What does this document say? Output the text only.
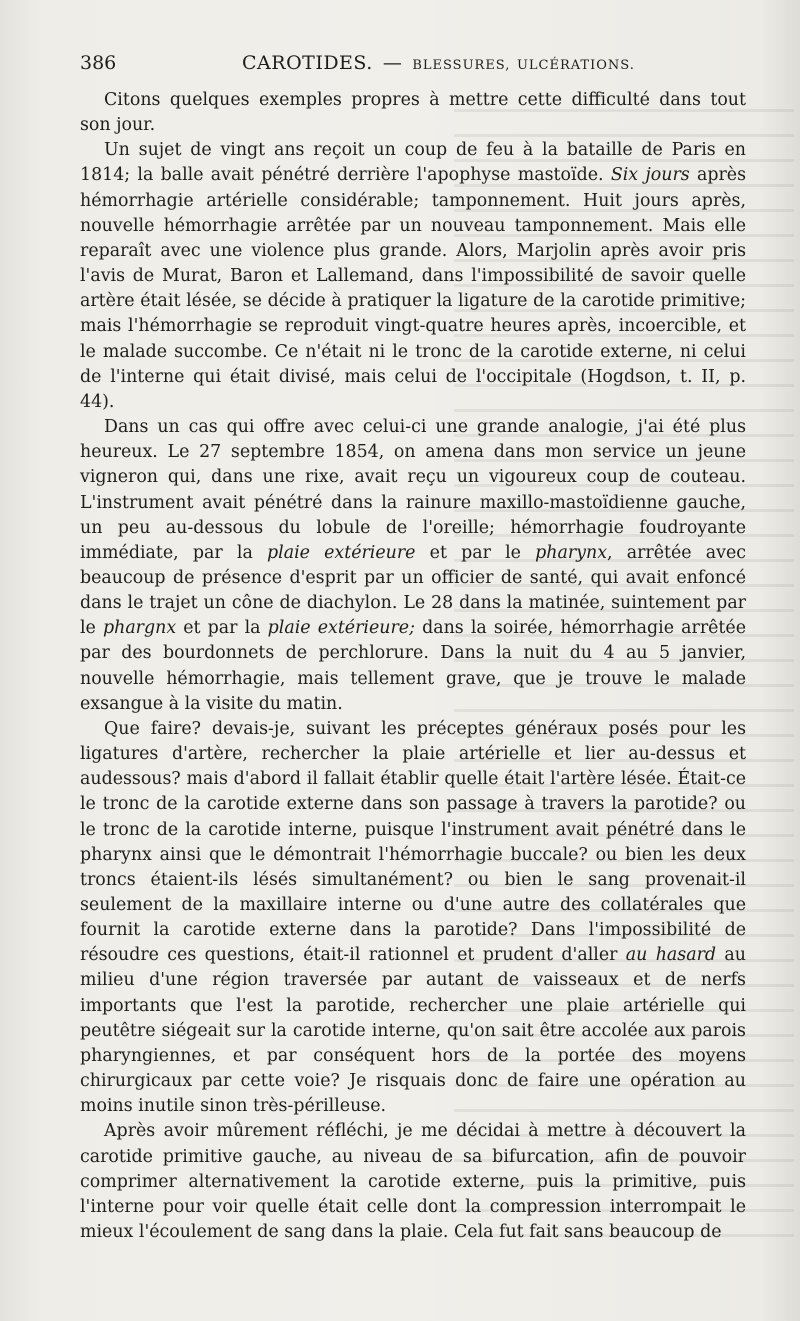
386	CAROTIDES. — BLESSURES, ULCÉRATIONS.

Citons quelques exemples propres à mettre cette difficulté dans tout son jour.

Un sujet de vingt ans reçoit un coup de feu à la bataille de Paris en 1814; la balle avait pénétré derrière l'apophyse mastoïde. Six jours après hémorrhagie artérielle considérable; tamponnement. Huit jours après, nouvelle hémorrhagie arrêtée par un nouveau tamponnement. Mais elle reparaît avec une violence plus grande. Alors, Marjolin après avoir pris l'avis de Murat, Baron et Lallemand, dans l'impossibilité de savoir quelle artère était lésée, se décide à pratiquer la ligature de la carotide primitive; mais l'hémorrhagie se reproduit vingt-quatre heures après, incoercible, et le malade succombe. Ce n'était ni le tronc de la carotide externe, ni celui de l'interne qui était divisé, mais celui de l'occipitale (Hogdson, t. II, p. 44).

Dans un cas qui offre avec celui-ci une grande analogie, j'ai été plus heureux. Le 27 septembre 1854, on amena dans mon service un jeune vigneron qui, dans une rixe, avait reçu un vigoureux coup de couteau. L'instrument avait pénétré dans la rainure maxillo-mastoïdienne gauche, un peu au-dessous du lobule de l'oreille; hémorrhagie foudroyante immédiate, par la plaie extérieure et par le pharynx, arrêtée avec beaucoup de présence d'esprit par un officier de santé, qui avait enfoncé dans le trajet un cône de diachylon. Le 28 dans la matinée, suintement par le phargnx et par la plaie extérieure; dans la soirée, hémorrhagie arrêtée par des bourdonnets de perchlorure. Dans la nuit du 4 au 5 janvier, nouvelle hémorrhagie, mais tellement grave, que je trouve le malade exsangue à la visite du matin.

Que faire? devais-je, suivant les préceptes généraux posés pour les ligatures d'artère, rechercher la plaie artérielle et lier au-dessus et audessous? mais d'abord il fallait établir quelle était l'artère lésée. Était-ce le tronc de la carotide externe dans son passage à travers la parotide? ou le tronc de la carotide interne, puisque l'instrument avait pénétré dans le pharynx ainsi que le démontrait l'hémorrhagie buccale? ou bien les deux troncs étaient-ils lésés simultanément? ou bien le sang provenait-il seulement de la maxillaire interne ou d'une autre des collatérales que fournit la carotide externe dans la parotide? Dans l'impossibilité de résoudre ces questions, était-il rationnel et prudent d'aller au hasard au milieu d'une région traversée par autant de vaisseaux et de nerfs importants que l'est la parotide, rechercher une plaie artérielle qui peutêtre siégeait sur la carotide interne, qu'on sait être accolée aux parois pharyngiennes, et par conséquent hors de la portée des moyens chirurgicaux par cette voie? Je risquais donc de faire une opération au moins inutile sinon très-périlleuse.

Après avoir mûrement réfléchi, je me décidai à mettre à découvert la carotide primitive gauche, au niveau de sa bifurcation, afin de pouvoir comprimer alternativement la carotide externe, puis la primitive, puis l'interne pour voir quelle était celle dont la compression interrompait le mieux l'écoulement de sang dans la plaie. Cela fut fait sans beaucoup de
